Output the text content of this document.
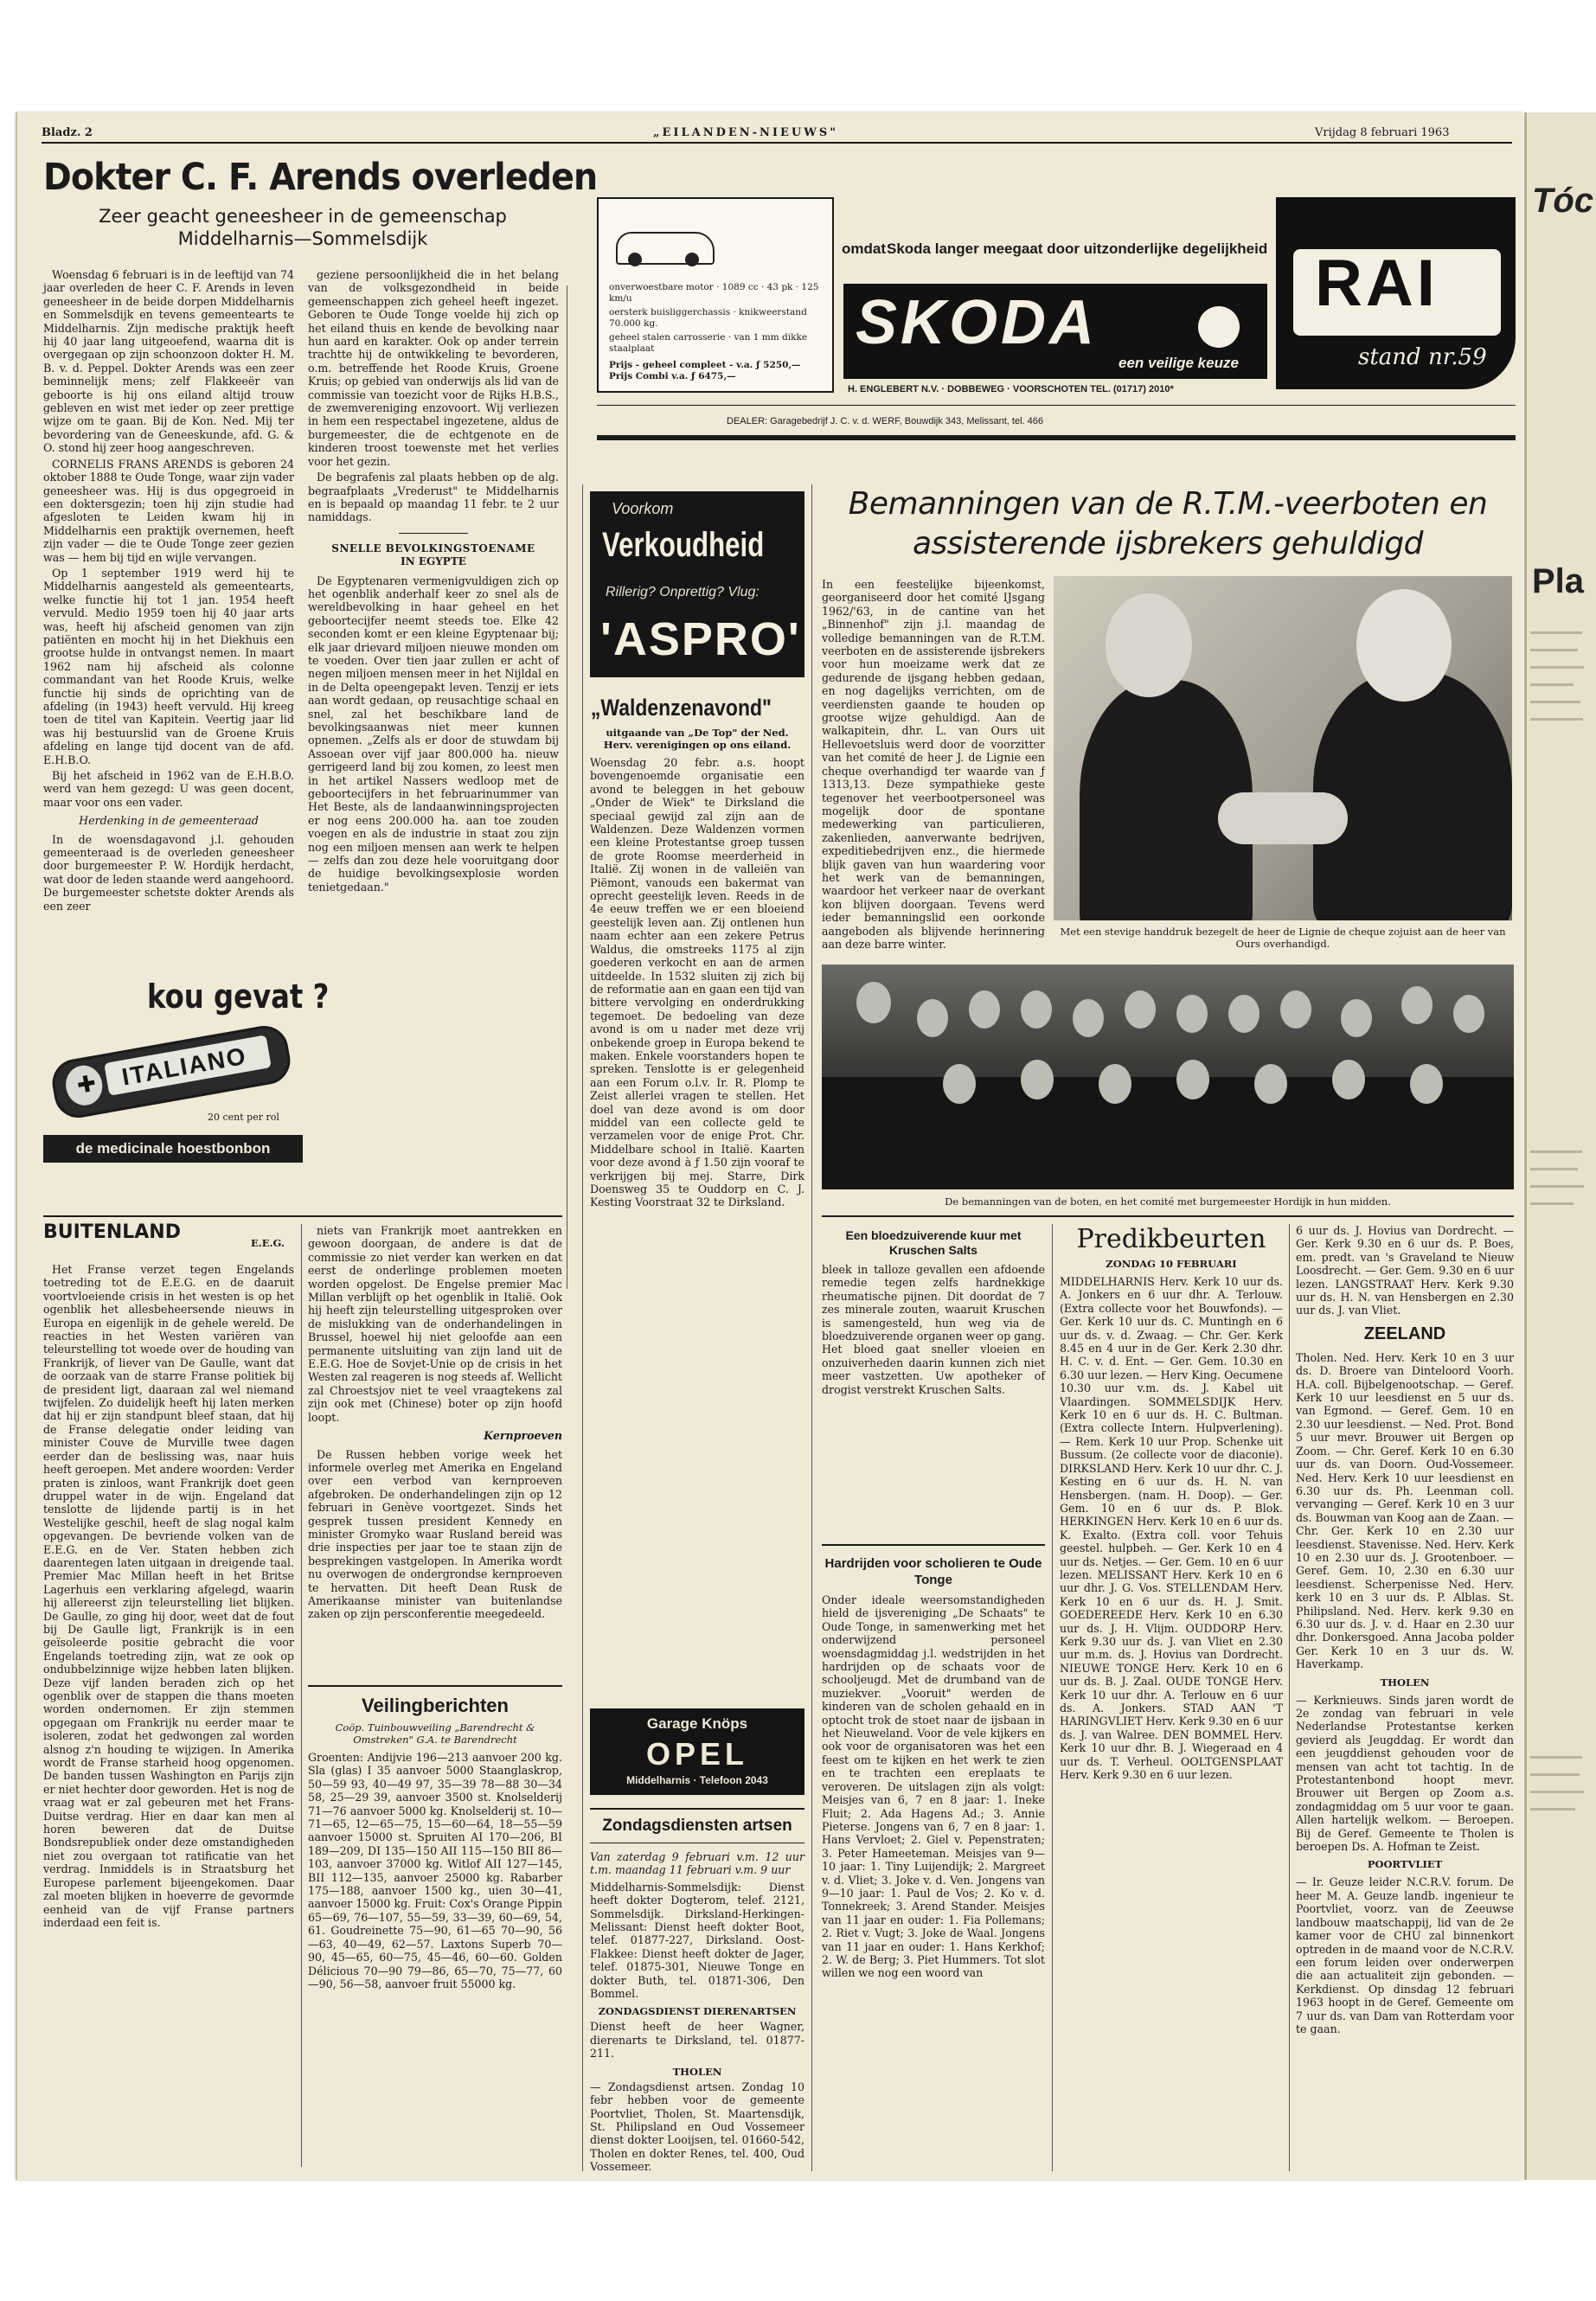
Bladz. 2	„EILANDEN-NIEUWS"	Vrijdag 8 februari 1963
Dokter C. F. Arends overleden
Zeer geacht geneesheer in de gemeenschap
Middelharnis—Sommelsdijk

Woensdag 6 februari is in de leeftijd van 74 jaar overleden de heer C. F. Arends in leven geneesheer in de beide dorpen Middelharnis en Sommelsdijk en tevens gemeentearts te Middelharnis. Zijn medische praktijk heeft hij 40 jaar lang uitgeoefend, waarna dit is overgegaan op zijn schoonzoon dokter H. M. B. v. d. Peppel. Dokter Arends was een zeer beminnelijk mens; zelf Flakkeeër van geboorte is hij ons eiland altijd trouw gebleven en wist met ieder op zeer prettige wijze om te gaan. Bij de Kon. Ned. Mij ter bevordering van de Geneeskunde, afd. G. & O. stond hij zeer hoog aangeschreven.

CORNELIS FRANS ARENDS is geboren 24 oktober 1888 te Oude Tonge, waar zijn vader geneesheer was. Hij is dus opgegroeid in een doktersgezin; toen hij zijn studie had afgesloten te Leiden kwam hij in Middelharnis een praktijk overnemen, heeft zijn vader — die te Oude Tonge zeer gezien was — hem bij tijd en wijle vervangen.

Op 1 september 1919 werd hij te Middelharnis aangesteld als gemeentearts, welke functie hij tot 1 jan. 1954 heeft vervuld. Medio 1959 toen hij 40 jaar arts was, heeft hij afscheid genomen van zijn patiënten en mocht hij in het Diekhuis een grootse hulde in ontvangst nemen. In maart 1962 nam hij afscheid als colonne commandant van het Roode Kruis, welke functie hij sinds de oprichting van de afdeling (in 1943) heeft vervuld. Hij kreeg toen de titel van Kapitein. Veertig jaar lid was hij bestuurslid van de Groene Kruis afdeling en lange tijd docent van de afd. E.H.B.O.

Bij het afscheid in 1962 van de E.H.B.O. werd van hem gezegd: U was geen docent, maar voor ons een vader.

Herdenking in de gemeenteraad

In de woensdagavond j.l. gehouden gemeenteraad is de overleden geneesheer door burgemeester P. W. Hordijk herdacht, wat door de leden staande werd aangehoord. De burgemeester schetste dokter Arends als een zeer

geziene persoonlijkheid die in het belang van de volksgezondheid in beide gemeenschappen zich geheel heeft ingezet. Geboren te Oude Tonge voelde hij zich op het eiland thuis en kende de bevolking naar hun aard en karakter. Ook op ander terrein trachtte hij de ontwikkeling te bevorderen, o.m. betreffende het Roode Kruis, Groene Kruis; op gebied van onderwijs als lid van de commissie van toezicht voor de Rijks H.B.S., de zwemvereniging enzovoort. Wij verliezen in hem een respectabel ingezetene, aldus de burgemeester, die de echtgenote en de kinderen troost toewenste met het verlies voor het gezin.

De begrafenis zal plaats hebben op de alg. begraafplaats „Vrederust" te Middelharnis en is bepaald op maandag 11 febr. te 2 uur namiddags.

SNELLE BEVOLKINGSTOENAME
IN EGYPTE

De Egyptenaren vermenigvuldigen zich op het ogenblik anderhalf keer zo snel als de wereldbevolking in haar geheel en het geboortecijfer neemt steeds toe. Elke 42 seconden komt er een kleine Egyptenaar bij; elk jaar drievard miljoen nieuwe monden om te voeden. Over tien jaar zullen er acht of negen miljoen mensen meer in het Nijldal en in de Delta opeengepakt leven. Tenzij er iets aan wordt gedaan, op reusachtige schaal en snel, zal het beschikbare land de bevolkingsaanwas niet meer kunnen opnemen. „Zelfs als er door de stuwdam bij Assoean over vijf jaar 800.000 ha. nieuw gerrigeerd land bij zou komen, zo leest men in het artikel Nassers wedloop met de geboortecijfers in het februarinummer van Het Beste, als de landaanwinningsprojecten er nog eens 200.000 ha. aan toe zouden voegen en als de industrie in staat zou zijn nog een miljoen mensen aan werk te helpen — zelfs dan zou deze hele vooruitgang door de huidige bevolkingsexplosie worden tenietgedaan."

kou gevat ?
ITALIANO
✚
20 cent per rol
de medicinale hoestbonbon
BUITENLAND	E.E.G.

Het Franse verzet tegen Engelands toetreding tot de E.E.G. en de daaruit voortvloeiende crisis in het westen is op het ogenblik het allesbeheersende nieuws in Europa en eigenlijk in de gehele wereld. De reacties in het Westen variëren van teleurstelling tot woede over de houding van Frankrijk, of liever van De Gaulle, want dat de oorzaak van de starre Franse politiek bij de president ligt, daaraan zal wel niemand twijfelen. Zo duidelijk heeft hij laten merken dat hij er zijn standpunt bleef staan, dat hij de Franse delegatie onder leiding van minister Couve de Murville twee dagen eerder dan de beslissing was, naar huis heeft geroepen. Met andere woorden: Verder praten is zinloos, want Frankrijk doet geen druppel water in de wijn. Engeland dat tenslotte de lijdende partij is in het Westelijke geschil, heeft de slag nogal kalm opgevangen. De bevriende volken van de E.E.G. en de Ver. Staten hebben zich daarentegen laten uitgaan in dreigende taal. Premier Mac Millan heeft in het Britse Lagerhuis een verklaring afgelegd, waarin hij allereerst zijn teleurstelling liet blijken. De Gaulle, zo ging hij door, weet dat de fout bij De Gaulle ligt, Frankrijk is in een geïsoleerde positie gebracht die voor Engelands toetreding zijn, wat ze ook op ondubbelzinnige wijze hebben laten blijken. Deze vijf landen beraden zich op het ogenblik over de stappen die thans moeten worden ondernomen. Er zijn stemmen opgegaan om Frankrijk nu eerder maar te isoleren, zodat het gedwongen zal worden alsnog z'n houding te wijzigen. In Amerika wordt de Franse starheid hoog opgenomen. De banden tussen Washington en Parijs zijn er niet hechter door geworden. Het is nog de vraag wat er zal gebeuren met het Frans-Duitse verdrag. Hier en daar kan men al horen beweren dat de Duitse Bondsrepubliek onder deze omstandigheden niet zou overgaan tot ratificatie van het verdrag. Inmiddels is in Straatsburg het Europese parlement bijeengekomen. Daar zal moeten blijken in hoeverre de gevormde eenheid van de vijf Franse partners inderdaad een feit is.

niets van Frankrijk moet aantrekken en gewoon doorgaan, de andere is dat de commissie zo niet verder kan werken en dat eerst de onderlinge problemen moeten worden opgelost. De Engelse premier Mac Millan verblijft op het ogenblik in Italië. Ook hij heeft zijn teleurstelling uitgesproken over de mislukking van de onderhandelingen in Brussel, hoewel hij niet geloofde aan een permanente uitsluiting van zijn land uit de E.E.G. Hoe de Sovjet-Unie op de crisis in het Westen zal reageren is nog steeds af. Wellicht zal Chroestsjov niet te veel vraagtekens zal zijn ook met (Chinese) boter op zijn hoofd loopt.

Kernproeven

De Russen hebben vorige week het informele overleg met Amerika en Engeland over een verbod van kernproeven afgebroken. De onderhandelingen zijn op 12 februari in Genève voortgezet. Sinds het gesprek tussen president Kennedy en minister Gromyko waar Rusland bereid was drie inspecties per jaar toe te staan zijn de besprekingen vastgelopen. In Amerika wordt nu overwogen de ondergrondse kernproeven te hervatten. Dit heeft Dean Rusk de Amerikaanse minister van buitenlandse zaken op zijn persconferentie meegedeeld.

Veilingberichten
Coöp. Tuinbouwveiling „Barendrecht & Omstreken" G.A. te Barendrecht
Groenten: Andijvie 196—213 aanvoer 200 kg. Sla (glas) I 35 aanvoer 5000 Staanglaskrop, 50—59 93, 40—49 97, 35—39 78—88 30—34 58, 25—29 39, aanvoer 3500 st. Knolselderij 71—76 aanvoer 5000 kg. Knolselderij st. 10—71—65, 12—65—75, 15—60—64, 18—55—59 aanvoer 15000 st. Spruiten AI 170—206, BI 189—209, DI 135—150 AII 115—150 BII 86—103, aanvoer 37000 kg. Witlof AII 127—145, BII 112—135, aanvoer 25000 kg. Rabarber 175—188, aanvoer 1500 kg., uien 30—41, aanvoer 15000 kg. Fruit: Cox's Orange Pippin 65—69, 76—107, 55—59, 33—39, 60—69, 54, 61. Goudreinette 75—90, 61—65 70—90, 56—63, 40—49, 62—57. Laxtons Superb 70—90, 45—65, 60—75, 45—46, 60—60. Golden Délicious 70—90 79—86, 65—70, 75—77, 60—90, 56—58, aanvoer fruit 55000 kg.
onverwoestbare motor · 1089 cc · 43 pk · 125 km/u
oersterk buisliggerchassis · knikweerstand 70.000 kg.
geheel stalen carrosserie · van 1 mm dikke staalplaat
Prijs - geheel compleet - v.a. ƒ 5250,—
Prijs Combi v.a. ƒ 6475,—
omdat Skoda langer meegaat door uitzonderlijke degelijkheid
SKODA
een veilige keuze
RAI
stand nr.59
H. ENGLEBERT N.V. · DOBBEWEG · VOORSCHOTEN TEL. (01717) 2010*
DEALER: Garagebedrijf J. C. v. d. WERF, Bouwdijk 343, Melissant, tel. 466
Voorkom
Verkoudheid
Rillerig? Onprettig? Vlug:
'ASPRO'
„Waldenzenavond"
uitgaande van „De Top" der Ned. Herv. verenigingen op ons eiland.
Woensdag 20 febr. a.s. hoopt bovengenoemde organisatie een avond te beleggen in het gebouw „Onder de Wiek" te Dirksland die speciaal gewijd zal zijn aan de Waldenzen. Deze Waldenzen vormen een kleine Protestantse groep tussen de grote Roomse meerderheid in Italië. Zij wonen in de valleiën van Piëmont, vanouds een bakermat van oprecht geestelijk leven. Reeds in de 4e eeuw treffen we er een bloeiend geestelijk leven aan. Zij ontlenen hun naam echter aan een zekere Petrus Waldus, die omstreeks 1175 al zijn goederen verkocht en aan de armen uitdeelde. In 1532 sluiten zij zich bij de reformatie aan en gaan een tijd van bittere vervolging en onderdrukking tegemoet. De bedoeling van deze avond is om u nader met deze vrij onbekende groep in Europa bekend te maken. Enkele voorstanders hopen te spreken. Tenslotte is er gelegenheid aan een Forum o.l.v. Ir. R. Plomp te Zeist allerlei vragen te stellen. Het doel van deze avond is om door middel van een collecte geld te verzamelen voor de enige Prot. Chr. Middelbare school in Italië. Kaarten voor deze avond à ƒ 1.50 zijn vooraf te verkrijgen bij mej. Starre, Dirk Doensweg 35 te Ouddorp en C. J. Kesting Voorstraat 32 te Dirksland.
Garage Knöps
OPEL
Middelharnis · Telefoon 2043
Zondagsdiensten artsen
Van zaterdag 9 februari v.m. 12 uur t.m. maandag 11 februari v.m. 9 uur
Middelharnis-Sommelsdijk: Dienst heeft dokter Dogterom, telef. 2121, Sommelsdijk. Dirksland-Herkingen-Melissant: Dienst heeft dokter Boot, telef. 01877-227, Dirksland. Oost-Flakkee: Dienst heeft dokter de Jager, telef. 01875-301, Nieuwe Tonge en dokter Buth, tel. 01871-306, Den Bommel.
ZONDAGSDIENST DIERENARTSEN
Dienst heeft de heer Wagner, dierenarts te Dirksland, tel. 01877-211.
THOLEN
— Zondagsdienst artsen. Zondag 10 febr hebben voor de gemeente Poortvliet, Tholen, St. Maartensdijk, St. Philipsland en Oud Vossemeer dienst dokter Looijsen, tel. 01660-542, Tholen en dokter Renes, tel. 400, Oud Vossemeer.
Bemanningen van de R.T.M.-veerboten en assisterende ijsbrekers gehuldigd
In een feestelijke bijeenkomst, georganiseerd door het comité IJsgang 1962/'63, in de cantine van het „Binnenhof" zijn j.l. maandag de volledige bemanningen van de R.T.M. veerboten en de assisterende ijsbrekers voor hun moeizame werk dat ze gedurende de ijsgang hebben gedaan, en nog dagelijks verrichten, om de veerdiensten gaande te houden op grootse wijze gehuldigd. Aan de walkapitein, dhr. L. van Ours uit Hellevoetsluis werd door de voorzitter van het comité de heer J. de Lignie een cheque overhandigd ter waarde van ƒ 1313,13. Deze sympathieke geste tegenover het veerbootpersoneel was mogelijk door de spontane medewerking van particulieren, zakenlieden, aanverwante bedrijven, expeditiebedrijven enz., die hiermede blijk gaven van hun waardering voor het werk van de bemanningen, waardoor het verkeer naar de overkant kon blijven doorgaan. Tevens werd ieder bemanningslid een oorkonde aangeboden als blijvende herinnering aan deze barre winter.
Met een stevige handdruk bezegelt de heer de Lignie de cheque zojuist aan de heer van Ours overhandigd.
De bemanningen van de boten, en het comité met burgemeester Hordijk in hun midden.
Een bloedzuiverende kuur met Kruschen Salts
bleek in talloze gevallen een afdoende remedie tegen zelfs hardnekkige rheumatische pijnen. Dit doordat de 7 zes minerale zouten, waaruit Kruschen is samengesteld, hun weg via de bloedzuiverende organen weer op gang. Het bloed gaat sneller vloeien en onzuiverheden daarin kunnen zich niet meer vastzetten. Uw apotheker of drogist verstrekt Kruschen Salts.
Hardrijden voor scholieren te Oude Tonge
Onder ideale weersomstandigheden hield de ijsvereniging „De Schaats" te Oude Tonge, in samenwerking met het onderwijzend personeel woensdagmiddag j.l. wedstrijden in het hardrijden op de schaats voor de schooljeugd. Met de drumband van de muziekver. „Vooruit" werden de kinderen van de scholen gehaald en in optocht trok de stoet naar de ijsbaan in het Nieuweland. Voor de vele kijkers en ook voor de organisatoren was het een feest om te kijken en het werk te zien en te trachten een ereplaats te veroveren. De uitslagen zijn als volgt: Meisjes van 6, 7 en 8 jaar: 1. Ineke Fluit; 2. Ada Hagens Ad.; 3. Annie Pieterse. Jongens van 6, 7 en 8 jaar: 1. Hans Vervloet; 2. Giel v. Pepenstraten; 3. Peter Hameeteman. Meisjes van 9—10 jaar: 1. Tiny Luijendijk; 2. Margreet v. d. Vliet; 3. Joke v. d. Ven. Jongens van 9—10 jaar: 1. Paul de Vos; 2. Ko v. d. Tonnekreek; 3. Arend Stander. Meisjes van 11 jaar en ouder: 1. Fia Pollemans; 2. Riet v. Vugt; 3. Joke de Waal. Jongens van 11 jaar en ouder: 1. Hans Kerkhof; 2. W. de Berg; 3. Piet Hummers. Tot slot willen we nog een woord van
Predikbeurten
ZONDAG 10 FEBRUARI
MIDDELHARNIS Herv. Kerk 10 uur ds. A. Jonkers en 6 uur dhr. A. Terlouw. (Extra collecte voor het Bouwfonds). — Ger. Kerk 10 uur ds. C. Muntingh en 6 uur ds. v. d. Zwaag. — Chr. Ger. Kerk 8.45 en 4 uur in de Ger. Kerk 2.30 dhr. H. C. v. d. Ent. — Ger. Gem. 10.30 en 6.30 uur lezen. — Herv King. Oecumene 10.30 uur v.m. ds. J. Kabel uit Vlaardingen. SOMMELSDIJK Herv. Kerk 10 en 6 uur ds. H. C. Bultman. (Extra collecte Intern. Hulpverlening). — Rem. Kerk 10 uur Prop. Schenke uit Bussum. (2e collecte voor de diaconie). DIRKSLAND Herv. Kerk 10 uur dhr. C. J. Kesting en 6 uur ds. H. N. van Hensbergen. (nam. H. Doop). — Ger. Gem. 10 en 6 uur ds. P. Blok. HERKINGEN Herv. Kerk 10 en 6 uur ds. K. Exalto. (Extra coll. voor Tehuis geestel. hulpbeh. — Ger. Kerk 10 en 4 uur ds. Netjes. — Ger. Gem. 10 en 6 uur lezen. MELISSANT Herv. Kerk 10 en 6 uur dhr. J. G. Vos. STELLENDAM Herv. Kerk 10 en 6 uur ds. H. J. Smit. GOEDEREEDE Herv. Kerk 10 en 6.30 uur ds. J. H. Vlijm. OUDDORP Herv. Kerk 9.30 uur ds. J. van Vliet en 2.30 uur m.m. ds. J. Hovius van Dordrecht. NIEUWE TONGE Herv. Kerk 10 en 6 uur ds. B. J. Zaal. OUDE TONGE Herv. Kerk 10 uur dhr. A. Terlouw en 6 uur ds. A. Jonkers. STAD AAN 'T HARINGVLIET Herv. Kerk 9.30 en 6 uur ds. J. van Walree. DEN BOMMEL Herv. Kerk 10 uur dhr. B. J. Wiegeraad en 4 uur ds. T. Verheul. OOLTGENSPLAAT Herv. Kerk 9.30 en 6 uur lezen.
6 uur ds. J. Hovius van Dordrecht. — Ger. Kerk 9.30 en 6 uur ds. P. Boes, em. predt. van 's Graveland te Nieuw Loosdrecht. — Ger. Gem. 9.30 en 6 uur lezen. LANGSTRAAT Herv. Kerk 9.30 uur ds. H. N. van Hensbergen en 2.30 uur ds. J. van Vliet.
ZEELAND
Tholen. Ned. Herv. Kerk 10 en 3 uur ds. D. Broere van Dinteloord Voorh. H.A. coll. Bijbelgenootschap. — Geref. Kerk 10 uur leesdienst en 5 uur ds. van Egmond. — Geref. Gem. 10 en 2.30 uur leesdienst. — Ned. Prot. Bond 5 uur mevr. Brouwer uit Bergen op Zoom. — Chr. Geref. Kerk 10 en 6.30 uur ds. van Doorn. Oud-Vossemeer. Ned. Herv. Kerk 10 uur leesdienst en 6.30 uur ds. Ph. Leenman coll. vervanging — Geref. Kerk 10 en 3 uur ds. Bouwman van Koog aan de Zaan. — Chr. Ger. Kerk 10 en 2.30 uur leesdienst. Stavenisse. Ned. Herv. Kerk 10 en 2.30 uur ds. J. Grootenboer. — Geref. Gem. 10, 2.30 en 6.30 uur leesdienst. Scherpenisse Ned. Herv. kerk 10 en 3 uur ds. P. Alblas. St. Philipsland. Ned. Herv. kerk 9.30 en 6.30 uur ds. J. v. d. Haar en 2.30 uur dhr. Donkersgoed. Anna Jacoba polder Ger. Kerk 10 en 3 uur ds. W. Haverkamp.
THOLEN
— Kerknieuws. Sinds jaren wordt de 2e zondag van februari in vele Nederlandse Protestantse kerken gevierd als Jeugddag. Er wordt dan een jeugddienst gehouden voor de mensen van acht tot tachtig. In de Protestantenbond hoopt mevr. Brouwer uit Bergen op Zoom a.s. zondagmiddag om 5 uur voor te gaan. Allen hartelijk welkom. — Beroepen. Bij de Geref. Gemeente te Tholen is beroepen Ds. A. Hofman te Zeist.
POORTVLIET
— Ir. Geuze leider N.C.R.V. forum. De heer M. A. Geuze landb. ingenieur te Poortvliet, voorz. van de Zeeuwse landbouw maatschappij, lid van de 2e kamer voor de CHU zal binnenkort optreden in de maand voor de N.C.R.V. een forum leiden over onderwerpen die aan actualiteit zijn gebonden. — Kerkdienst. Op dinsdag 12 februari 1963 hoopt in de Geref. Gemeente om 7 uur ds. van Dam van Rotterdam voor te gaan.
Tóc
Pla
